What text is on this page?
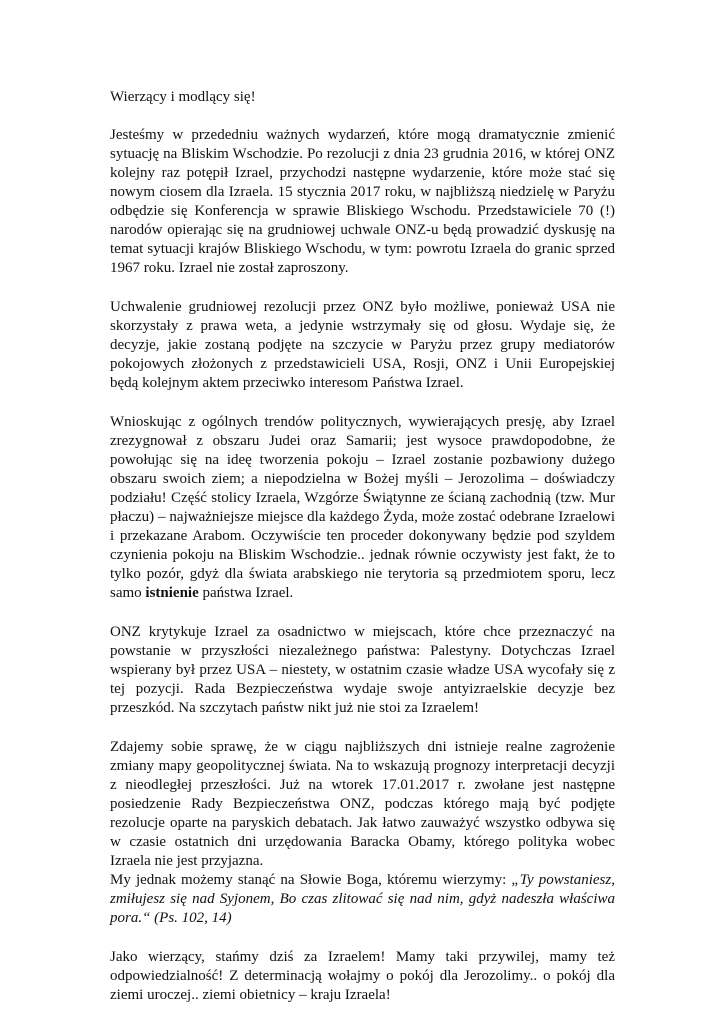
Wierzący i modlący się!

Jesteśmy w przededniu ważnych wydarzeń, które mogą dramatycznie zmienić sytuację na Bliskim Wschodzie. Po rezolucji z dnia 23 grudnia 2016, w której ONZ kolejny raz potępił Izrael, przychodzi następne wydarzenie, które może stać się nowym ciosem dla Izraela. 15 stycznia 2017 roku, w najbliższą niedzielę w Paryżu odbędzie się Konferencja w sprawie Bliskiego Wschodu. Przedstawiciele 70 (!) narodów opierając się na grudniowej uchwale ONZ-u będą prowadzić dyskusję na temat sytuacji krajów Bliskiego Wschodu, w tym: powrotu Izraela do granic sprzed 1967 roku. Izrael nie został zaproszony.

Uchwalenie grudniowej rezolucji przez ONZ było możliwe, ponieważ USA nie skorzystały z prawa weta, a jedynie wstrzymały się od głosu. Wydaje się, że decyzje, jakie zostaną podjęte na szczycie w Paryżu przez grupy mediatorów pokojowych złożonych z przedstawicieli USA, Rosji, ONZ i Unii Europejskiej będą kolejnym aktem przeciwko interesom Państwa Izrael.

Wnioskując z ogólnych trendów politycznych, wywierających presję, aby Izrael zrezygnował z obszaru Judei oraz Samarii; jest wysoce prawdopodobne, że powołując się na ideę tworzenia pokoju – Izrael zostanie pozbawiony dużego obszaru swoich ziem; a niepodzielna w Bożej myśli – Jerozolima – doświadczy podziału! Część stolicy Izraela, Wzgórze Świątynne ze ścianą zachodnią (tzw. Mur płaczu) – najważniejsze miejsce dla każdego Żyda, może zostać odebrane Izraelowi i przekazane Arabom. Oczywiście ten proceder dokonywany będzie pod szyldem czynienia pokoju na Bliskim Wschodzie.. jednak równie oczywisty jest fakt, że to tylko pozór, gdyż dla świata arabskiego nie terytoria są przedmiotem sporu, lecz samo istnienie państwa Izrael.

ONZ krytykuje Izrael za osadnictwo w miejscach, które chce przeznaczyć na powstanie w przyszłości niezależnego państwa: Palestyny. Dotychczas Izrael wspierany był przez USA – niestety, w ostatnim czasie władze USA wycofały się z tej pozycji. Rada Bezpieczeństwa wydaje swoje antyizraelskie decyzje bez przeszkód. Na szczytach państw nikt już nie stoi za Izraelem!

Zdajemy sobie sprawę, że w ciągu najbliższych dni istnieje realne zagrożenie zmiany mapy geopolitycznej świata. Na to wskazują prognozy interpretacji decyzji z nieodległej przeszłości. Już na wtorek 17.01.2017 r. zwołane jest następne posiedzenie Rady Bezpieczeństwa ONZ, podczas którego mają być podjęte rezolucje oparte na paryskich debatach. Jak łatwo zauważyć wszystko odbywa się w czasie ostatnich dni urzędowania Baracka Obamy, którego polityka wobec Izraela nie jest przyjazna.

My jednak możemy stanąć na Słowie Boga, któremu wierzymy: „Ty powstaniesz, zmiłujesz się nad Syjonem, Bo czas zlitować się nad nim, gdyż nadeszła właściwa pora.“ (Ps. 102, 14)

Jako wierzący, stańmy dziś za Izraelem! Mamy taki przywilej, mamy też odpowiedzialność! Z determinacją wołajmy o pokój dla Jerozolimy.. o pokój dla ziemi uroczej.. ziemi obietnicy – kraju Izraela!
